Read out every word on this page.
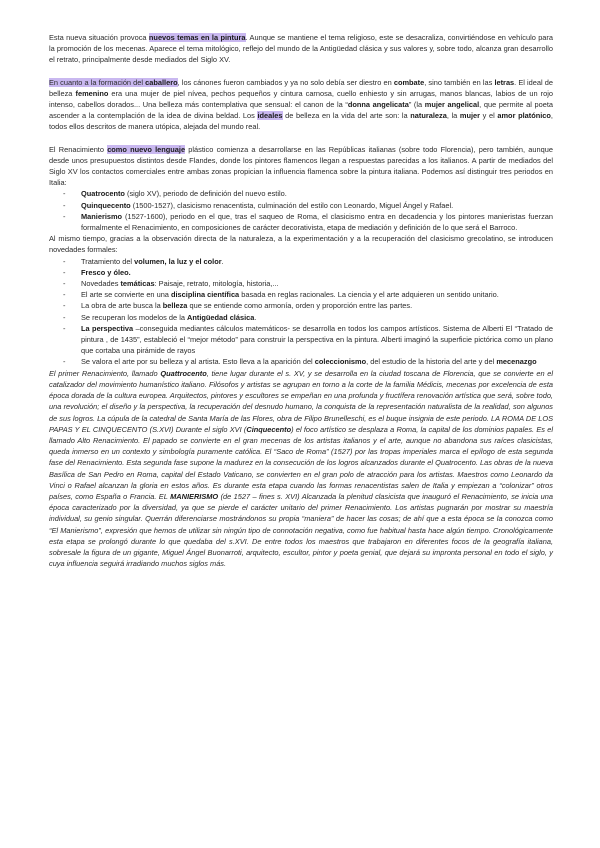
Esta nueva situación provoca nuevos temas en la pintura. Aunque se mantiene el tema religioso, este se desacraliza, convirtiéndose en vehículo para la promoción de los mecenas. Aparece el tema mitológico, reflejo del mundo de la Antigüedad clásica y sus valores y, sobre todo, alcanza gran desarrollo el retrato, principalmente desde mediados del Siglo XV.

En cuanto a la formación del caballero, los cánones fueron cambiados y ya no solo debía ser diestro en combate, sino también en las letras. El ideal de belleza femenino era una mujer de piel nívea, pechos pequeños y cintura carnosa, cuello enhiesto y sin arrugas, manos blancas, labios de un rojo intenso, cabellos dorados... Una belleza más contemplativa que sensual: el canon de la “donna angelicata” (la mujer angelical, que permite al poeta ascender a la contemplación de la idea de divina beldad. Los ideales de belleza en la vida del arte son: la naturaleza, la mujer y el amor platónico, todos ellos descritos de manera utópica, alejada del mundo real.

El Renacimiento como nuevo lenguaje plástico comienza a desarrollarse en las Repúblicas italianas (sobre todo Florencia), pero también, aunque desde unos presupuestos distintos desde Flandes, donde los pintores flamencos llegan a respuestas parecidas a los italianos. A partir de mediados del Siglo XV los contactos comerciales entre ambas zonas propician la influencia flamenca sobre la pintura italiana. Podemos así distinguir tres periodos en Italia:

- Quatrocento (siglo XV), periodo de definición del nuevo estilo.
- Quinquecento (1500-1527), clasicismo renacentista, culminación del estilo con Leonardo, Miguel Ángel y Rafael.
- Manierismo (1527-1600), periodo en el que, tras el saqueo de Roma, el clasicismo entra en decadencia y los pintores manieristas fuerzan formalmente el Renacimiento, en composiciones de carácter decorativista, etapa de mediación y definición de lo que será el Barroco.

Al mismo tiempo, gracias a la observación directa de la naturaleza, a la experimentación y a la recuperación del clasicismo grecolatino, se introducen novedades formales:

- Tratamiento del volumen, la luz y el color.
- Fresco y óleo.
- Novedades temáticas: Paisaje, retrato, mitología, historia,...
- El arte se convierte en una disciplina científica basada en reglas racionales. La ciencia y el arte adquieren un sentido unitario.
- La obra de arte busca la belleza que se entiende como armonía, orden y proporción entre las partes.
- Se recuperan los modelos de la Antigüedad clásica.
- La perspectiva –conseguida mediantes cálculos matemáticos- se desarrolla en todos los campos artísticos. Sistema de Alberti El “Tratado de pintura , de 1435”, estableció el “mejor método” para construir la perspectiva en la pintura. Alberti imaginó la superficie pictórica como un plano que cortaba una pirámide de rayos
- Se valora el arte por su belleza y al artista. Esto lleva a la aparición del coleccionismo, del estudio de la historia del arte y del mecenazgo

El primer Renacimiento, llamado Quattrocento, tiene lugar durante el s. XV, y se desarrolla en la ciudad toscana de Florencia, que se convierte en el catalizador del movimiento humanístico italiano. Filósofos y artistas se agrupan en torno a la corte de la familia Médicis, mecenas por excelencia de esta época dorada de la cultura europea. Arquitectos, pintores y escultores se empeñan en una profunda y fructífera renovación artística que será, sobre todo, una revolución; el diseño y la perspectiva, la recuperación del desnudo humano, la conquista de la representación naturalista de la realidad, son algunos de sus logros. La cúpula de la catedral de Santa María de las Flores, obra de Filipo Brunelleschi, es el buque insignia de este periodo. LA ROMA DE LOS PAPAS Y EL CINQUECENTO (S.XVI) Durante el siglo XVI (Cinquecento) el foco artístico se desplaza a Roma, la capital de los dominios papales. Es el llamado Alto Renacimiento. El papado se convierte en el gran mecenas de los artistas italianos y el arte, aunque no abandona sus raíces clasicistas, queda inmerso en un contexto y simbología puramente católica. El “Saco de Roma” (1527) por las tropas imperiales marca el epílogo de esta segunda fase del Renacimiento. Esta segunda fase supone la madurez en la consecución de los logros alcanzados durante el Quatrocento. Las obras de la nueva Basílica de San Pedro en Roma, capital del Estado Vaticano, se convierten en el gran polo de atracción para los artistas. Maestros como Leonardo da Vinci o Rafael alcanzan la gloria en estos años. Es durante esta etapa cuando las formas renacentistas salen de Italia y empiezan a “colonizar” otros países, como España o Francia. EL MANIERISMO (de 1527 – fines s. XVI) Alcanzada la plenitud clasicista que inauguró el Renacimiento, se inicia una época caracterizado por la diversidad, ya que se pierde el carácter unitario del primer Renacimiento. Los artistas pugnarán por mostrar su maestría individual, su genio singular. Querrán diferenciarse mostrándonos su propia “maniera” de hacer las cosas; de ahí que a esta época se la conozca como “El Manierismo”, expresión que hemos de utilizar sin ningún tipo de connotación negativa, como fue habitual hasta hace algún tiempo. Cronológicamente esta etapa se prolongó durante lo que quedaba del s.XVI. De entre todos los maestros que trabajaron en diferentes focos de la geografía italiana, sobresale la figura de un gigante, Miguel Ángel Buonarroti, arquitecto, escultor, pintor y poeta genial, que dejará su impronta personal en todo el siglo, y cuya influencia seguirá irradiando muchos siglos más.
